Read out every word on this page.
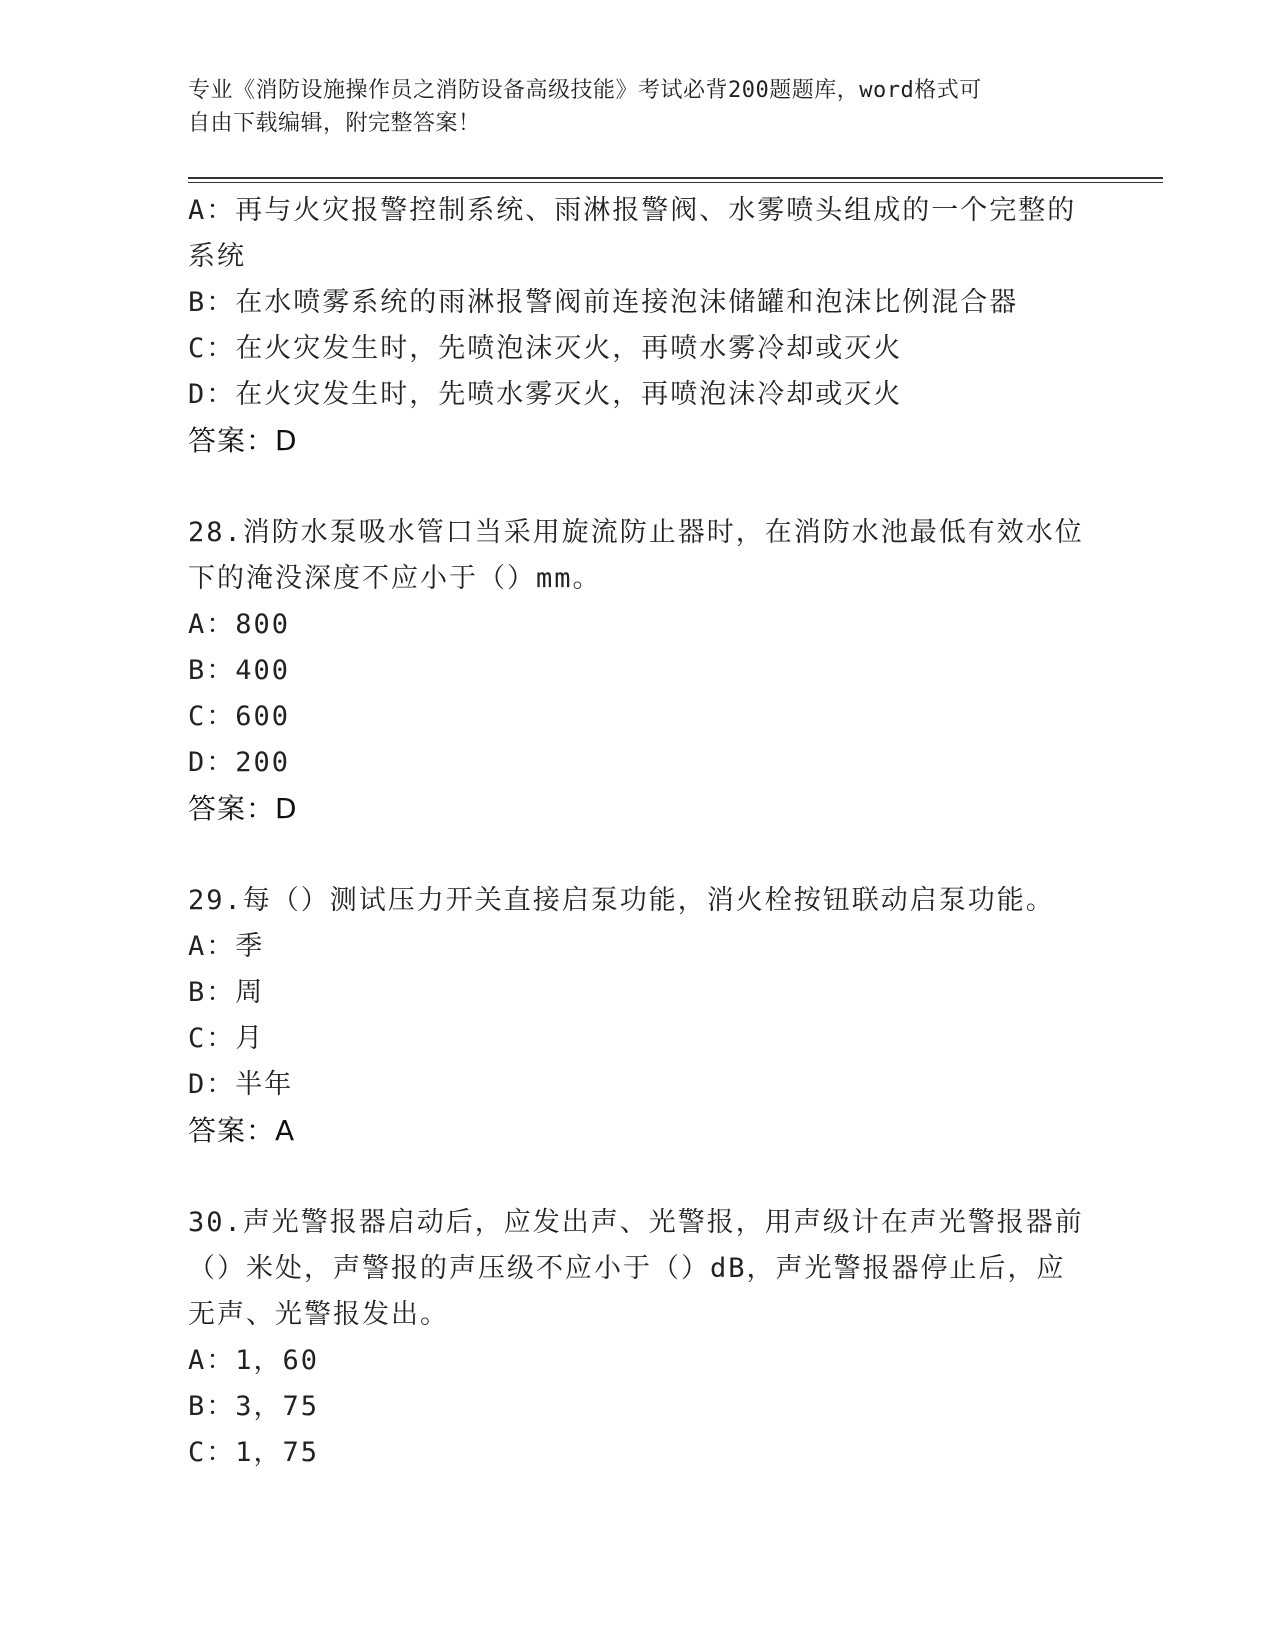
专业《消防设施操作员之消防设备高级技能》考试必背200题题库，word格式可
自由下载编辑，附完整答案！
A：再与火灾报警控制系统、雨淋报警阀、水雾喷头组成的一个完整的
系统
B：在水喷雾系统的雨淋报警阀前连接泡沫储罐和泡沫比例混合器
C：在火灾发生时，先喷泡沫灭火，再喷水雾冷却或灭火
D：在火灾发生时，先喷水雾灭火，再喷泡沫冷却或灭火
答案：D
28.消防水泵吸水管口当采用旋流防止器时，在消防水池最低有效水位
下的淹没深度不应小于（）mm。
A：800
B：400
C：600
D：200
答案：D
29.每（）测试压力开关直接启泵功能，消火栓按钮联动启泵功能。
A：季
B：周
C：月
D：半年
答案：A
30.声光警报器启动后，应发出声、光警报，用声级计在声光警报器前
（）米处，声警报的声压级不应小于（）dB，声光警报器停止后，应
无声、光警报发出。
A：1，60
B：3，75
C：1，75
